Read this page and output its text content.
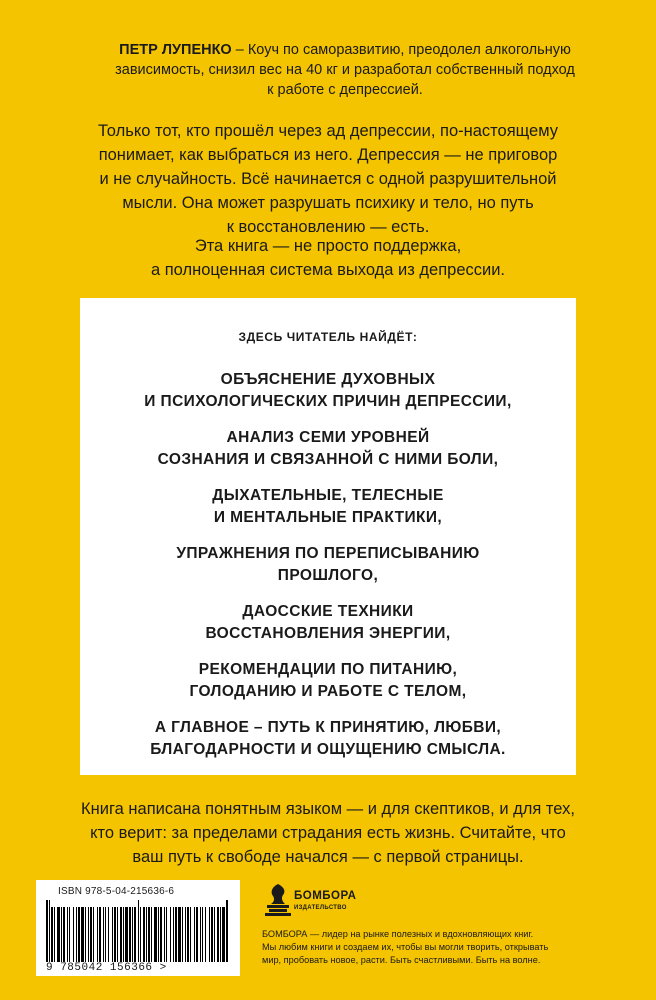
ПЕТР ЛУПЕНКО – Коуч по саморазвитию, преодолел алкогольную
зависимость, снизил вес на 40 кг и разработал собственный подход
к работе с депрессией.
Только тот, кто прошёл через ад депрессии, по-настоящему
понимает, как выбраться из него. Депрессия — не приговор
и не случайность. Всё начинается с одной разрушительной
мысли. Она может разрушать психику и тело, но путь
к восстановлению — есть.
Эта книга — не просто поддержка,
а полноценная система выхода из депрессии.
ЗДЕСЬ ЧИТАТЕЛЬ НАЙДЁТ:
ОБЪЯСНЕНИЕ ДУХОВНЫХ
И ПСИХОЛОГИЧЕСКИХ ПРИЧИН ДЕПРЕССИИ,
АНАЛИЗ СЕМИ УРОВНЕЙ
СОЗНАНИЯ И СВЯЗАННОЙ С НИМИ БОЛИ,
ДЫХАТЕЛЬНЫЕ, ТЕЛЕСНЫЕ
И МЕНТАЛЬНЫЕ ПРАКТИКИ,
УПРАЖНЕНИЯ ПО ПЕРЕПИСЫВАНИЮ
ПРОШЛОГО,
ДАОССКИЕ ТЕХНИКИ
ВОССТАНОВЛЕНИЯ ЭНЕРГИИ,
РЕКОМЕНДАЦИИ ПО ПИТАНИЮ,
ГОЛОДАНИЮ И РАБОТЕ С ТЕЛОМ,
А ГЛАВНОЕ – ПУТЬ К ПРИНЯТИЮ, ЛЮБВИ,
БЛАГОДАРНОСТИ И ОЩУЩЕНИЮ СМЫСЛА.
Книга написана понятным языком — и для скептиков, и для тех,
кто верит: за пределами страдания есть жизнь. Считайте, что
ваш путь к свободе начался — с первой страницы.
ISBN 978-5-04-215636-6
9 785042 156366 >
БОМБОРА
ИЗДАТЕЛЬСТВО
БОМБОРА — лидер на рынке полезных и вдохновляющих книг.
Мы любим книги и создаем их, чтобы вы могли творить, открывать
мир, пробовать новое, расти. Быть счастливыми. Быть на волне.
